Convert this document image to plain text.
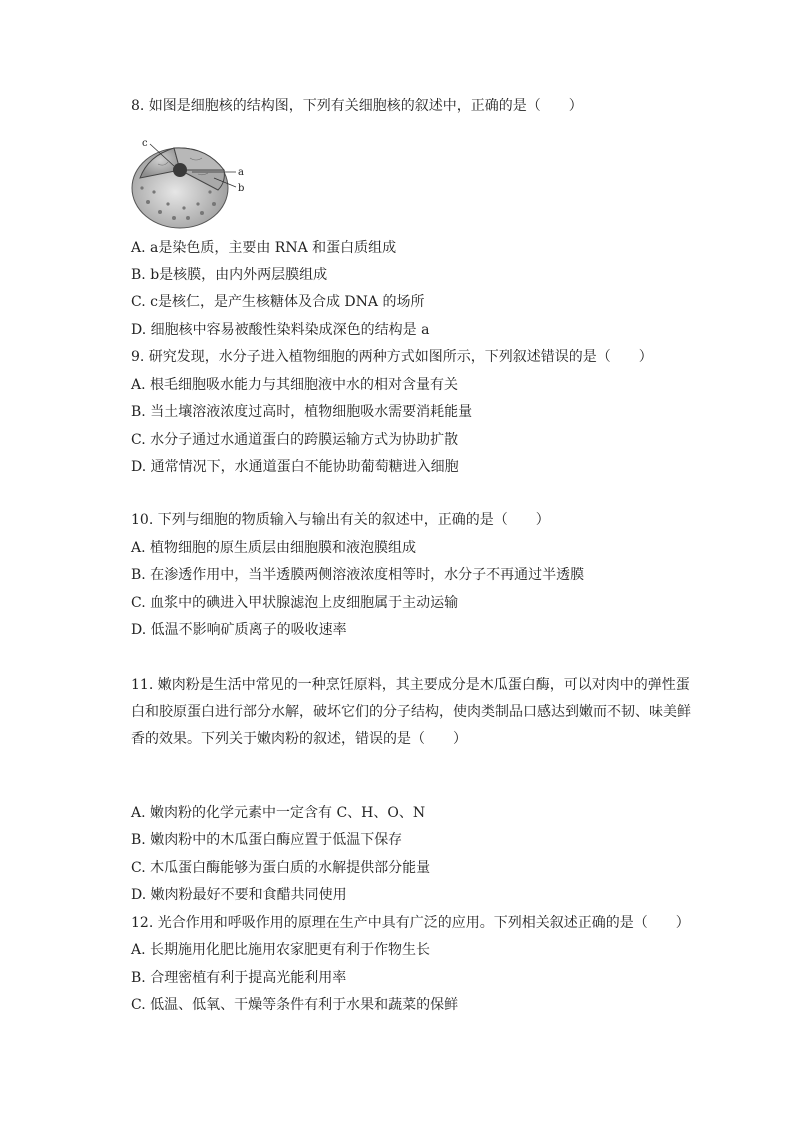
8. 如图是细胞核的结构图，下列有关细胞核的叙述中，正确的是（　　）
c
a
b
A. a是染色质，主要由 RNA 和蛋白质组成
B. b是核膜，由内外两层膜组成
C. c是核仁，是产生核糖体及合成 DNA 的场所
D. 细胞核中容易被酸性染料染成深色的结构是 a
9. 研究发现，水分子进入植物细胞的两种方式如图所示，下列叙述错误的是（　　）
A. 根毛细胞吸水能力与其细胞液中水的相对含量有关
B. 当土壤溶液浓度过高时，植物细胞吸水需要消耗能量
C. 水分子通过水通道蛋白的跨膜运输方式为协助扩散
D. 通常情况下，水通道蛋白不能协助葡萄糖进入细胞
10. 下列与细胞的物质输入与输出有关的叙述中，正确的是（　　）
A. 植物细胞的原生质层由细胞膜和液泡膜组成
B. 在渗透作用中，当半透膜两侧溶液浓度相等时，水分子不再通过半透膜
C. 血浆中的碘进入甲状腺滤泡上皮细胞属于主动运输
D. 低温不影响矿质离子的吸收速率
11. 嫩肉粉是生活中常见的一种烹饪原料，其主要成分是木瓜蛋白酶，可以对肉中的弹性蛋白和胶原蛋白进行部分水解，破坏它们的分子结构，使肉类制品口感达到嫩而不韧、味美鲜香的效果。下列关于嫩肉粉的叙述，错误的是（　　）
A. 嫩肉粉的化学元素中一定含有 C、H、O、N
B. 嫩肉粉中的木瓜蛋白酶应置于低温下保存
C. 木瓜蛋白酶能够为蛋白质的水解提供部分能量
D. 嫩肉粉最好不要和食醋共同使用
12. 光合作用和呼吸作用的原理在生产中具有广泛的应用。下列相关叙述正确的是（　　）
A. 长期施用化肥比施用农家肥更有利于作物生长
B. 合理密植有利于提高光能利用率
C. 低温、低氧、干燥等条件有利于水果和蔬菜的保鲜
